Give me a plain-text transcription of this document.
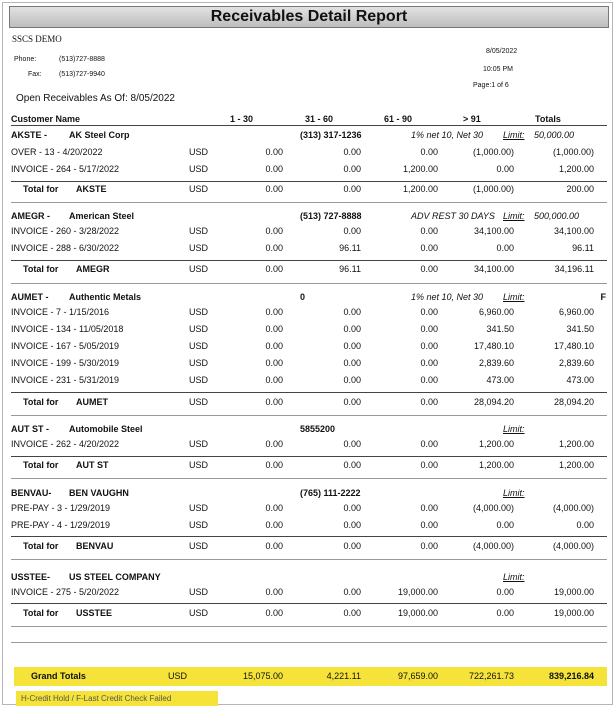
Receivables Detail Report
SSCS DEMO
Phone:	(513)727-8888
Fax: (513)727-9940
8/05/2022
10:05 PM
Page:1 of 6
Open Receivables As Of: 8/05/2022
Customer Name	1 - 30	31 - 60	61 - 90	> 91	Totals
AKSTE - AK Steel Corp	(313) 317-1236	1% net 10, Net 30 Limit: 50,000.00
OVER - 13 - 4/20/2022	USD	0.00	0.00	0.00	(1,000.00)	(1,000.00)
INVOICE - 264 - 5/17/2022	USD	0.00	0.00	1,200.00	0.00	1,200.00
Total for AKSTE	USD	0.00	0.00	1,200.00	(1,000.00)	200.00
AMEGR - American Steel	(513) 727-8888	ADV REST 30 DAYS Limit: 500,000.00
INVOICE - 260 - 3/28/2022	USD	0.00	0.00	0.00	34,100.00	34,100.00
INVOICE - 288 - 6/30/2022	USD	0.00	96.11	0.00	0.00	96.11
Total for AMEGR	USD	0.00	96.11	0.00	34,100.00	34,196.11
AUMET - Authentic Metals	0	1% net 10, Net 30 Limit:	F
INVOICE - 7 - 1/15/2016	USD	0.00	0.00	0.00	6,960.00	6,960.00
INVOICE - 134 - 11/05/2018	USD	0.00	0.00	0.00	341.50	341.50
INVOICE - 167 - 5/05/2019	USD	0.00	0.00	0.00	17,480.10	17,480.10
INVOICE - 199 - 5/30/2019	USD	0.00	0.00	0.00	2,839.60	2,839.60
INVOICE - 231 - 5/31/2019	USD	0.00	0.00	0.00	473.00	473.00
Total for AUMET	USD	0.00	0.00	0.00	28,094.20	28,094.20
AUT ST - Automobile Steel	5855200	Limit:
INVOICE - 262 - 4/20/2022	USD	0.00	0.00	0.00	1,200.00	1,200.00
Total for AUT ST	USD	0.00	0.00	0.00	1,200.00	1,200.00
BENVAU- BEN VAUGHN	(765) 111-2222	Limit:
PRE-PAY - 3 - 1/29/2019	USD	0.00	0.00	0.00	(4,000.00)	(4,000.00)
PRE-PAY - 4 - 1/29/2019	USD	0.00	0.00	0.00	0.00	0.00
Total for BENVAU	USD	0.00	0.00	0.00	(4,000.00)	(4,000.00)
USSTEE- US STEEL COMPANY	Limit:
INVOICE - 275 - 5/20/2022	USD	0.00	0.00	19,000.00	0.00	19,000.00
Total for USSTEE	USD	0.00	0.00	19,000.00	0.00	19,000.00
Grand Totals	USD	15,075.00	4,221.11	97,659.00	722,261.73	839,216.84
H-Credit Hold / F-Last Credit Check Failed
